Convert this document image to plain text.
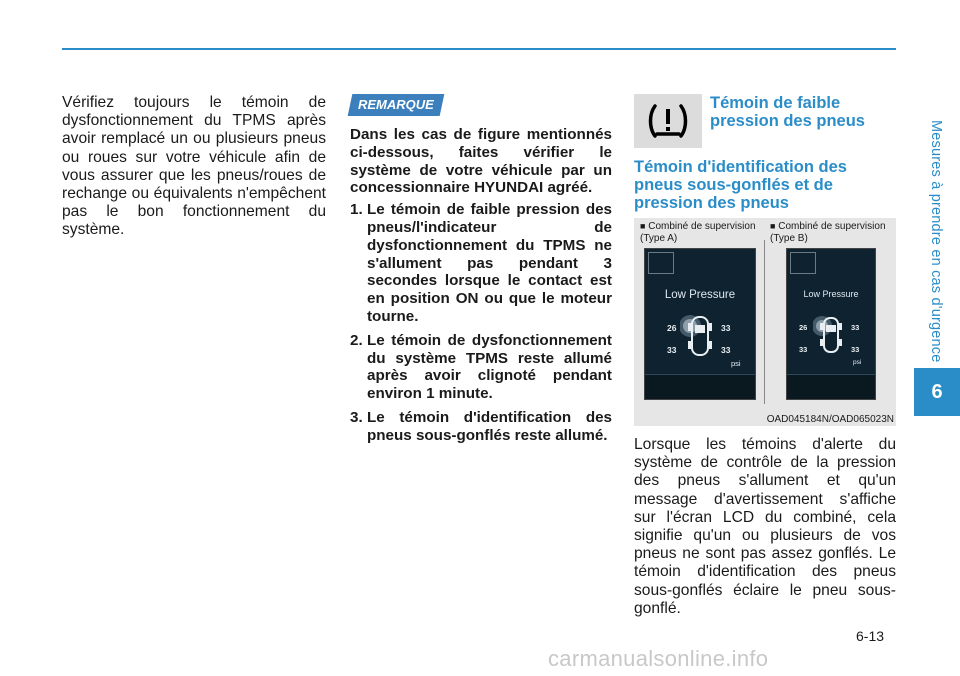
Mesures à prendre en cas d'urgence
6

Vérifiez toujours le témoin de dysfonctionnement du TPMS après avoir remplacé un ou plusieurs pneus ou roues sur votre véhicule afin de vous assurer que les pneus/roues de rechange ou équivalents n'empêchent pas le bon fonctionnement du système.

REMARQUE
Dans les cas de figure mentionnés ci-dessous, faites vérifier le système de votre véhicule par un concessionnaire HYUNDAI agréé.
1. Le témoin de faible pression des pneus/l'indicateur de dysfonctionnement du TPMS ne s'allument pas pendant 3 secondes lorsque le contact est en position ON ou que le moteur tourne.
2. Le témoin de dysfonctionnement du système TPMS reste allumé après avoir clignoté pendant environ 1 minute.
3. Le témoin d'identification des pneus sous-gonflés reste allumé.
Témoin de faible pression des pneus
Témoin d'identification des pneus sous-gonflés et de pression des pneus
■ Combiné de supervision (Type A)
■ Combiné de supervision (Type B)
Low Pressure
26	33
33	33
psi
Low Pressure
26	33
33	33
psi
OAD045184N/OAD065023N

Lorsque les témoins d'alerte du système de contrôle de la pression des pneus s'allument et qu'un message d'avertissement s'affiche sur l'écran LCD du combiné, cela signifie qu'un ou plusieurs de vos pneus ne sont pas assez gonflés. Le témoin d'identification des pneus sous-gonflés éclaire le pneu sous-gonflé.

6-13
carmanualsonline.info
